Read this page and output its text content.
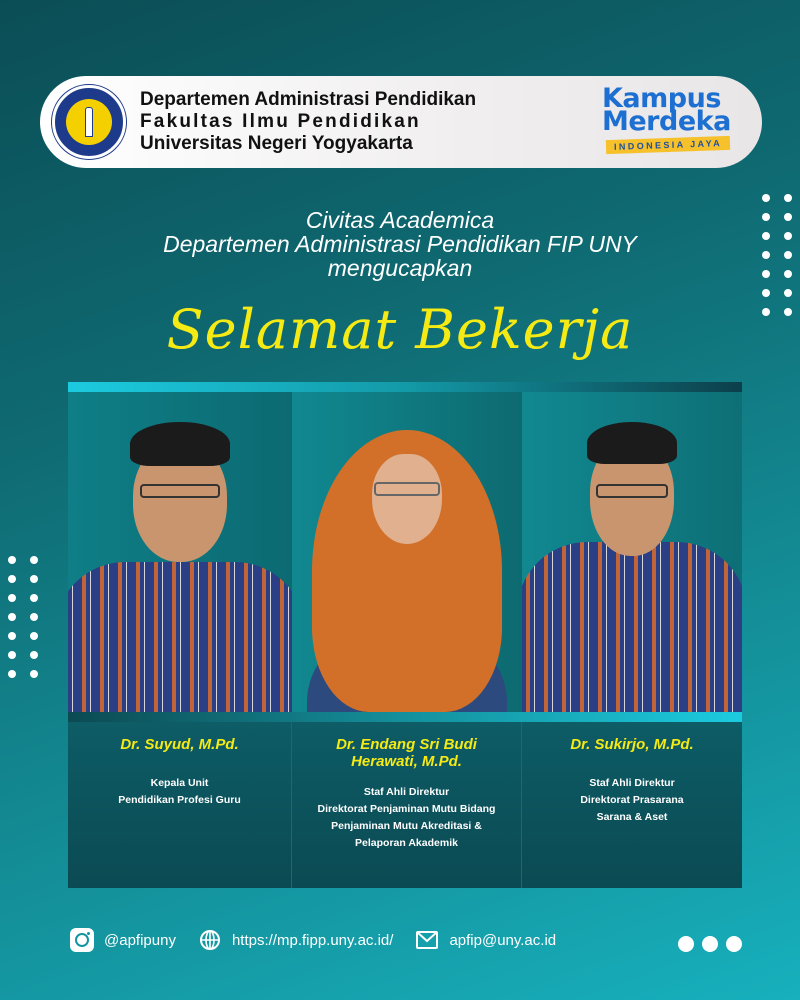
Departemen Administrasi Pendidikan
Fakultas Ilmu Pendidikan
Universitas Negeri Yogyakarta
Kampus
Merdeka
INDONESIA JAYA
Civitas Academica
Departemen Administrasi Pendidikan FIP UNY
mengucapkan
Selamat Bekerja
Dr. Suyud, M.Pd.
Kepala Unit
Pendidikan Profesi Guru
Dr. Endang Sri Budi Herawati, M.Pd.
Staf Ahli Direktur
Direktorat Penjaminan Mutu Bidang
Penjaminan Mutu Akreditasi &
Pelaporan Akademik
Dr. Sukirjo, M.Pd.
Staf Ahli Direktur
Direktorat Prasarana
Sarana & Aset
@apfipuny	https://mp.fipp.uny.ac.id/	apfip@uny.ac.id
